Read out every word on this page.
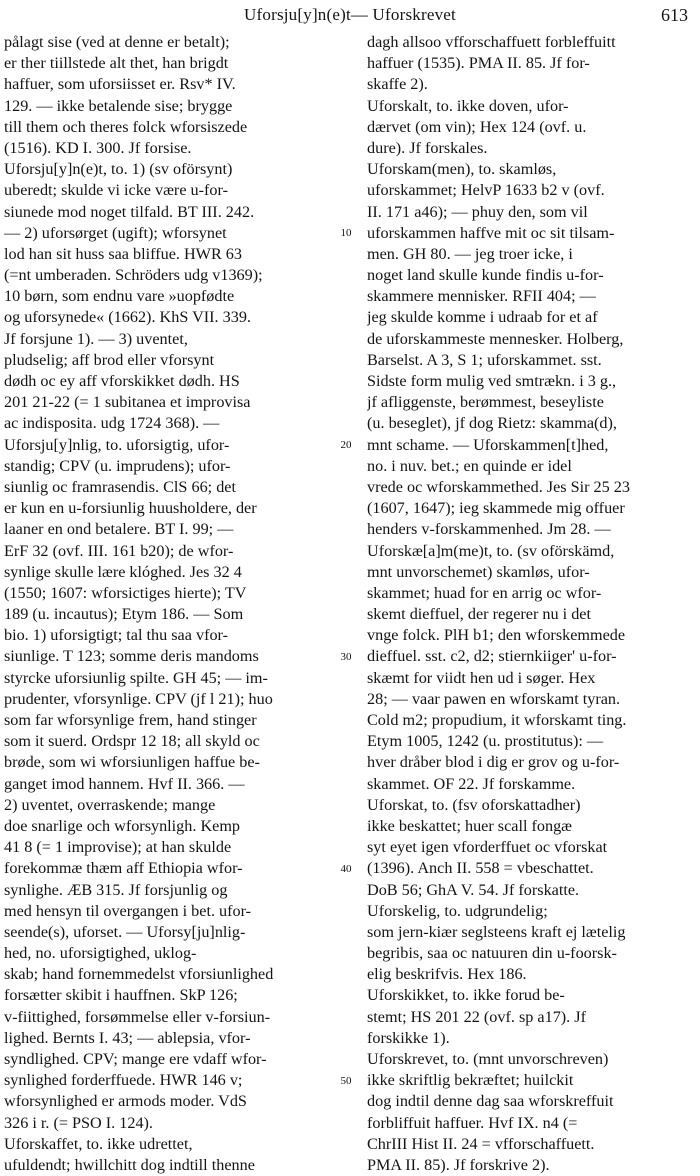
Uforsju[y]n(e)t— Uforskrevet	613
pålagt sise (ved at denne er betalt);
er ther tiillstede alt thet, han brigdt
haffuer, som uforsiisset er. Rsv* IV.
129. — ikke betalende sise; brygge
till them och theres folck wforsiszede
(1516). KD I. 300. Jf forsise.
Uforsju[y]n(e)t, to. 1) (sv oförsynt)
uberedt; skulde vi icke være u-for-
siunede mod noget tilfald. BT III. 242.
— 2) uforsørget (ugift); wforsynet
lod han sit huss saa bliffue. HWR 63
(=nt umberaden. Schröders udg v1369);
10 børn, som endnu vare »uopfødte
og uforsynede« (1662). KhS VII. 339.
Jf forsjune 1). — 3) uventet,
pludselig; aff brod eller vforsynt
dødh oc ey aff vforskikket dødh. HS
201 21-22 (= 1 subitanea et improvisa
ac indisposita. udg 1724 368). —
Uforsju[y]nlig, to. uforsigtig, ufor-
standig; CPV (u. imprudens); ufor-
siunlig oc framrasendis. ClS 66; det
er kun en u-forsiunlig huusholdere, der
laaner en ond betalere. BT I. 99; —
ErF 32 (ovf. III. 161 b20); de wfor-
synlige skulle lære klóghed. Jes 32 4
(1550; 1607: wforsictiges hierte); TV
189 (u. incautus); Etym 186. — Som
bio. 1) uforsigtigt; tal thu saa vfor-
siunlige. T 123; somme deris mandoms
styrcke uforsiunlig spilte. GH 45; — im-
prudenter, vforsynlige. CPV (jf l 21); huo
som far wforsynlige frem, hand stinger
som it suerd. Ordspr 12 18; all skyld oc
brøde, som wi wforsiunligen haffue be-
ganget imod hannem. Hvf II. 366. —
2) uventet, overraskende; mange
doe snarlige och wforsynligh. Kemp
41 8 (= 1 improvise); at han skulde
forekommæ thæm aff Ethiopia wfor-
synlighe. ÆB 315. Jf forsjunlig og
med hensyn til overgangen i bet. ufor-
seende(s), uforset. — Uforsy[ju]nlig-
hed, no. uforsigtighed, uklog-
skab; hand fornemmedelst vforsiunlighed
forsætter skibit i hauffnen. SkP 126;
v-fiittighed, forsømmelse eller v-forsiun-
lighed. Bernts I. 43; — ablepsia, vfor-
syndlighed. CPV; mange ere vdaff wfor-
synlighed forderffuede. HWR 146 v;
wforsynlighed er armods moder. VdS
326 i r. (= PSO I. 124).
Uforskaffet, to. ikke udrettet,
ufuldendt; hwillchitt dog indtill thenne
10
20
30
40
50
dagh allsoo vfforschaffuett forbleffuitt
haffuer (1535). PMA II. 85. Jf for-
skaffe 2).
Uforskalt, to. ikke doven, ufor-
dærvet (om vin); Hex 124 (ovf. u.
dure). Jf forskales.
Uforskam(men), to. skamløs,
uforskammet; HelvP 1633 b2 v (ovf.
II. 171 a46); — phuy den, som vil
uforskammen haffve mit oc sit tilsam-
men. GH 80. — jeg troer icke, i
noget land skulle kunde findis u-for-
skammere mennisker. RFII 404; —
jeg skulde komme i udraab for et af
de uforskammeste mennesker. Holberg,
Barselst. A 3, S 1; uforskammet. sst.
Sidste form mulig ved smtrækn. i 3 g.,
jf afliggenste, berømmest, beseyliste
(u. beseglet), jf dog Rietz: skamma(d),
mnt schame. — Uforskammen[t]hed,
no. i nuv. bet.; en quinde er idel
vrede oc wforskammethed. Jes Sir 25 23
(1607, 1647); ieg skammede mig offuer
henders v-forskammenhed. Jm 28. —
Uforskæ[a]m(me)t, to. (sv oförskämd,
mnt unvorschemet) skamløs, ufor-
skammet; huad for en arrig oc wfor-
skemt dieffuel, der regerer nu i det
vnge folck. PlH b1; den wforskemmede
dieffuel. sst. c2, d2; stiernkiiger' u-for-
skæmt for viidt hen ud i søger. Hex
28; — vaar pawen en wforskamt tyran.
Cold m2; propudium, it wforskamt ting.
Etym 1005, 1242 (u. prostitutus): —
hver dråber blod i dig er grov og u-for-
skammet. OF 22. Jf forskamme.
Uforskat, to. (fsv oforskattadher)
ikke beskattet; huer scall fongæ
syt eyet igen vforderffuet oc vforskat
(1396). Anch II. 558 = vbeschattet.
DoB 56; GhA V. 54. Jf forskatte.
Uforskelig, to. udgrundelig;
som jern-kiær seglsteens kraft ej lætelig
begribis, saa oc natuuren din u-foorsk-
elig beskrifvis. Hex 186.
Uforskikket, to. ikke forud be-
stemt; HS 201 22 (ovf. sp a17). Jf
forskikke 1).
Uforskrevet, to. (mnt unvorschreven)
ikke skriftlig bekræftet; huilckit
dog indtil denne dag saa wforskreffuit
forbliffuit haffuer. Hvf IX. n4 (=
ChrIII Hist II. 24 = vfforschaffuett.
PMA II. 85). Jf forskrive 2).
